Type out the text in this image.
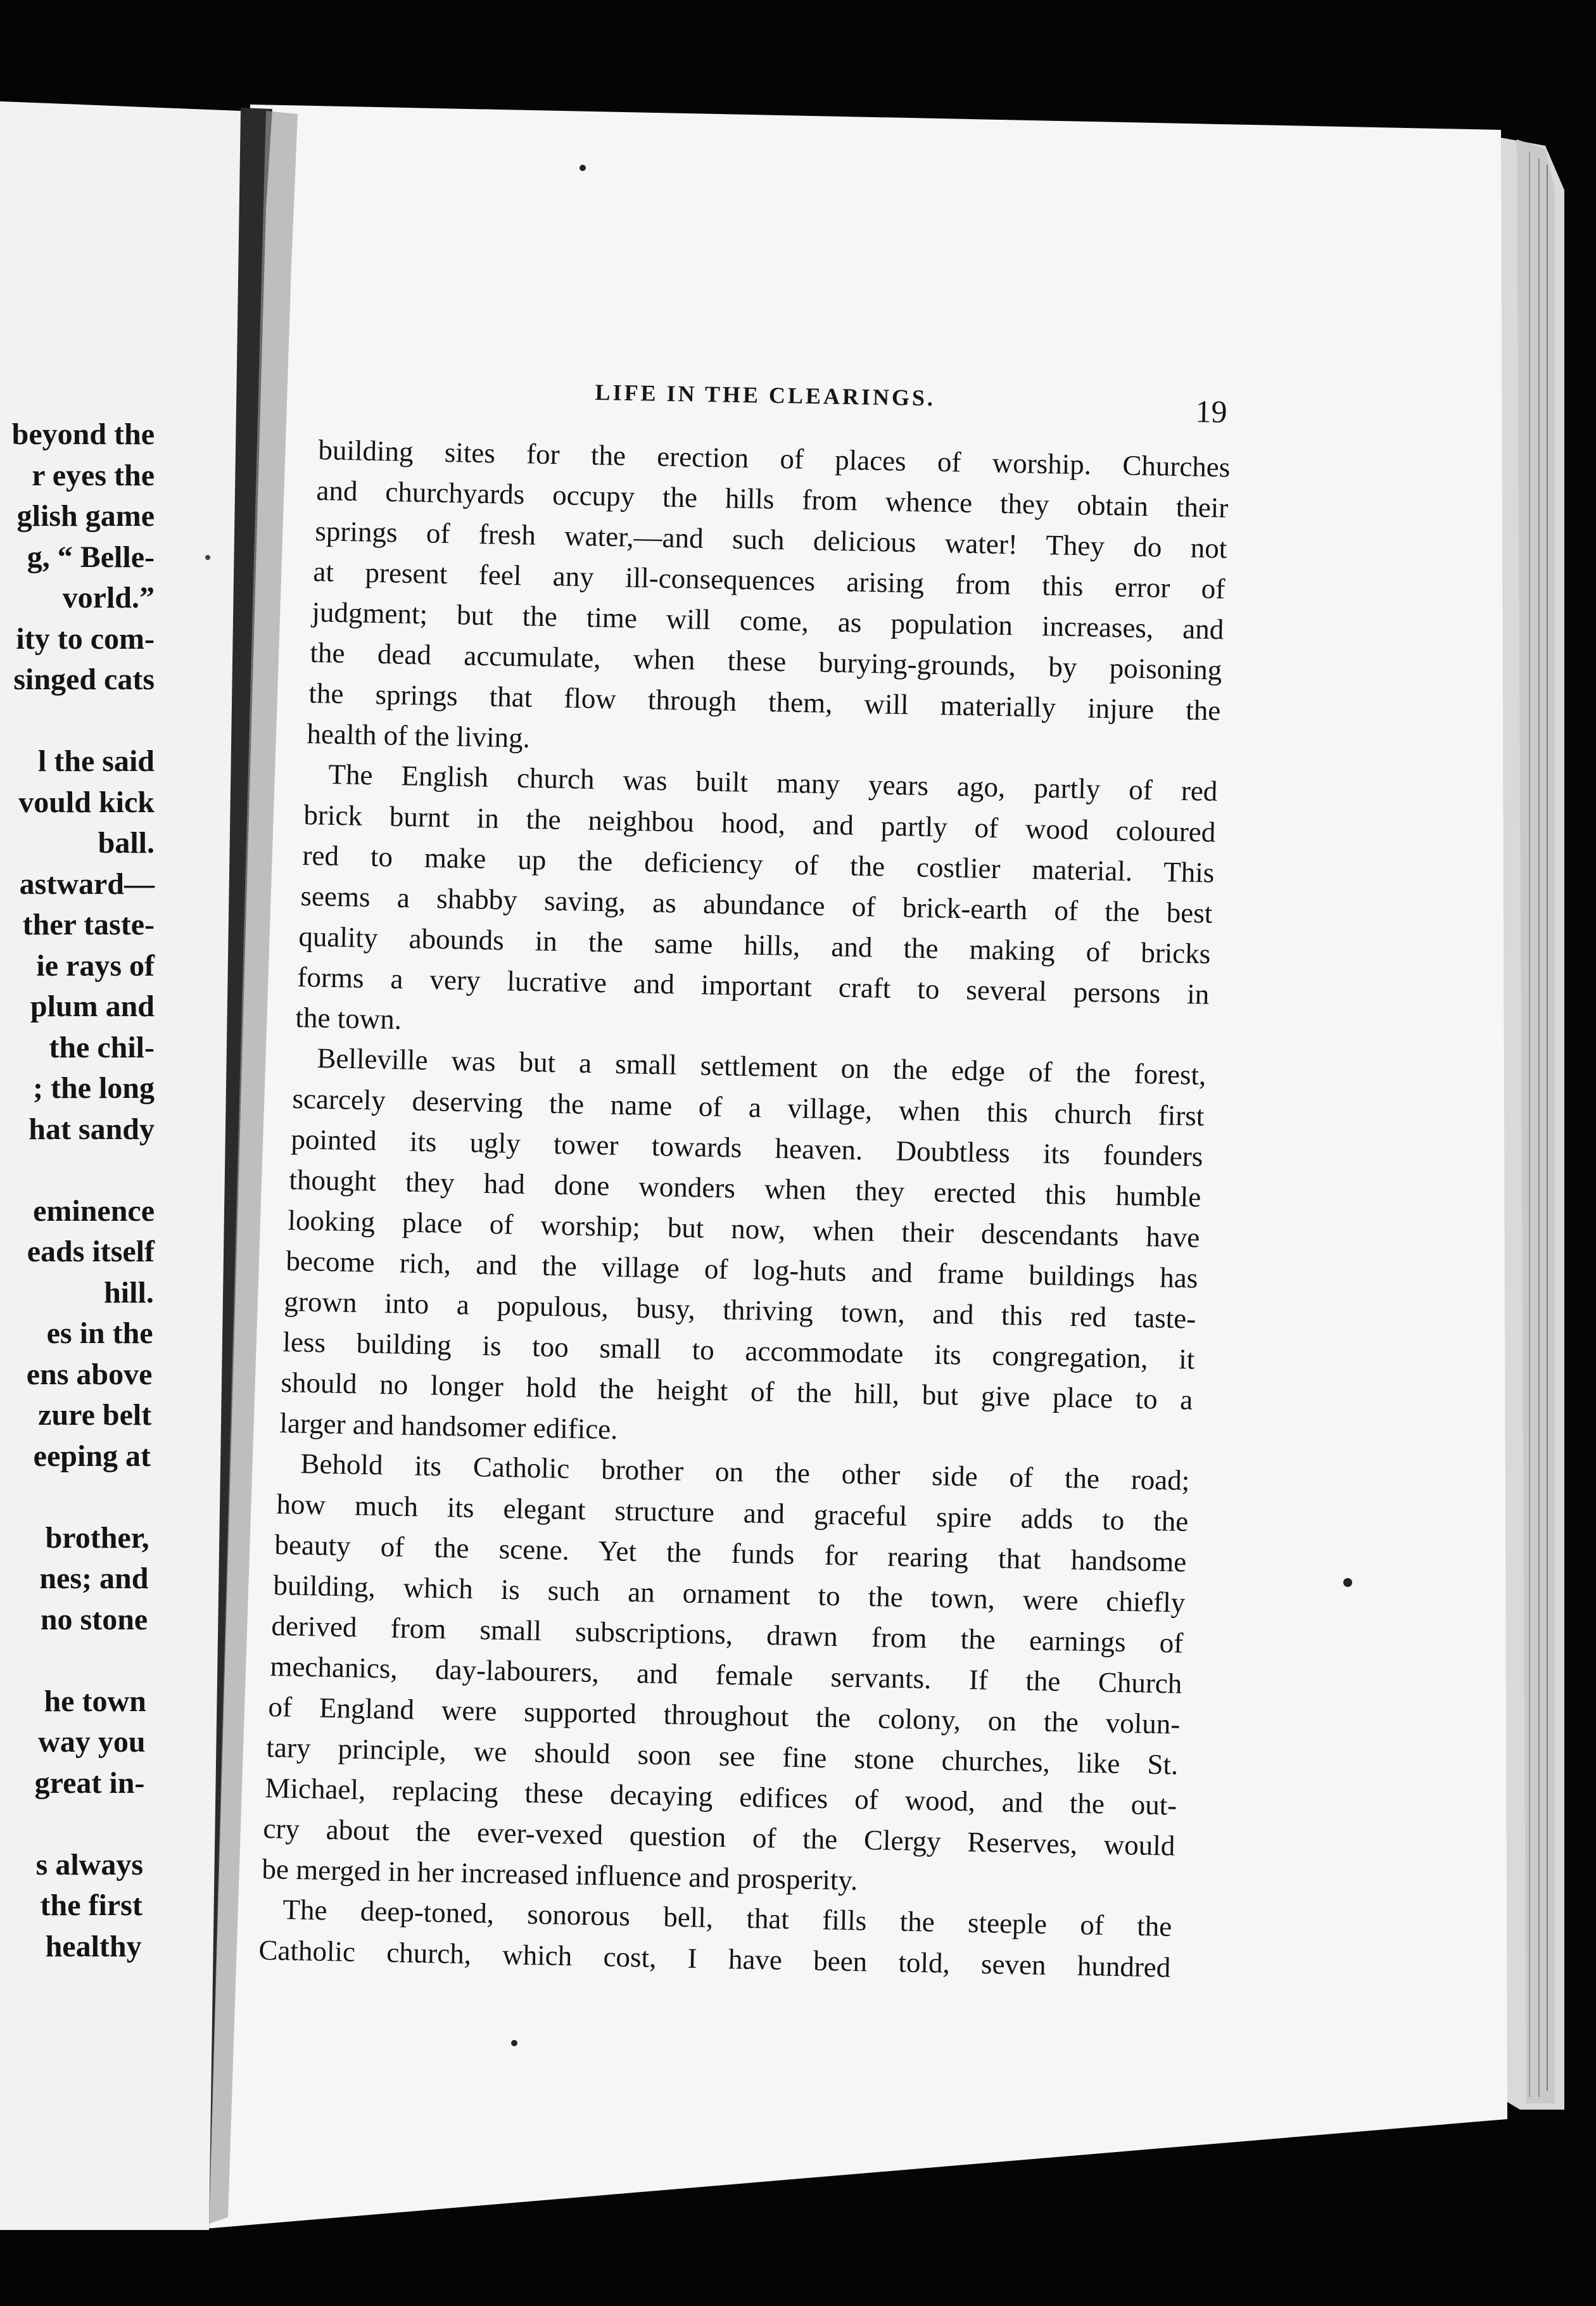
LIFE IN THE CLEARINGS.	19
beyond the
r eyes the
glish game
g, “ Belle-
vorld.”
ity to com-
singed cats
l the said
vould kick
ball.
astward—
ther taste-
ie rays of
plum and
the chil-
; the long
hat sandy
eminence
eads itself
hill.
es in the
ens above
zure belt
eeping at
brother,
nes; and
no stone
he town
way you
great in-
s always
the first
healthy
building sites for the erection of places of worship. Churches
and churchyards occupy the hills from whence they obtain their
springs of fresh water,—and such delicious water! They do not
at present feel any ill-consequences arising from this error of
judgment; but the time will come, as population increases, and
the dead accumulate, when these burying-grounds, by poisoning
the springs that flow through them, will materially injure the
health of the living.
The English church was built many years ago, partly of red
brick burnt in the neighbou hood, and partly of wood coloured
red to make up the deficiency of the costlier material. This
seems a shabby saving, as abundance of brick-earth of the best
quality abounds in the same hills, and the making of bricks
forms a very lucrative and important craft to several persons in
the town.
Belleville was but a small settlement on the edge of the forest,
scarcely deserving the name of a village, when this church first
pointed its ugly tower towards heaven. Doubtless its founders
thought they had done wonders when they erected this humble
looking place of worship; but now, when their descendants have
become rich, and the village of log-huts and frame buildings has
grown into a populous, busy, thriving town, and this red taste-
less building is too small to accommodate its congregation, it
should no longer hold the height of the hill, but give place to a
larger and handsomer edifice.
Behold its Catholic brother on the other side of the road;
how much its elegant structure and graceful spire adds to the
beauty of the scene. Yet the funds for rearing that handsome
building, which is such an ornament to the town, were chiefly
derived from small subscriptions, drawn from the earnings of
mechanics, day-labourers, and female servants. If the Church
of England were supported throughout the colony, on the volun-
tary principle, we should soon see fine stone churches, like St.
Michael, replacing these decaying edifices of wood, and the out-
cry about the ever-vexed question of the Clergy Reserves, would
be merged in her increased influence and prosperity.
The deep-toned, sonorous bell, that fills the steeple of the
Catholic church, which cost, I have been told, seven hundred
